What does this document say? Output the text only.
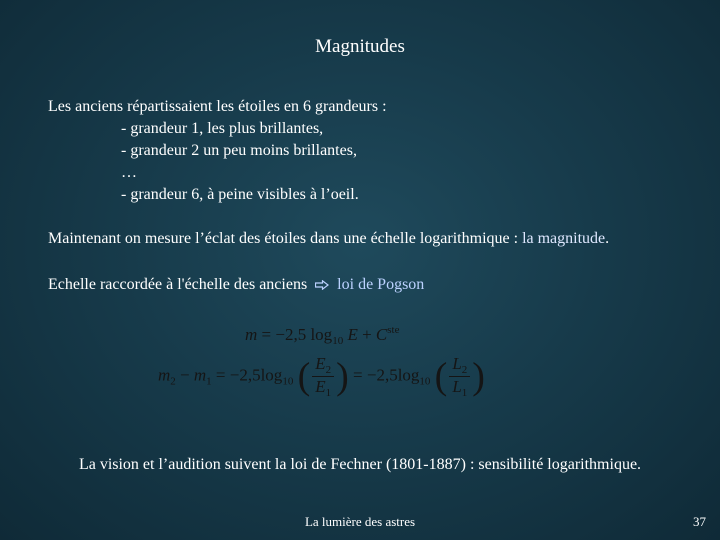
Magnitudes
Les anciens répartissaient les étoiles en 6 grandeurs :
- grandeur 1, les plus brillantes,
- grandeur 2 un peu moins brillantes,
…
- grandeur 6, à peine visibles à l’oeil.
Maintenant on mesure l’éclat des étoiles dans une échelle logarithmique : la magnitude.
Echelle raccordée à l'échelle des anciens loi de Pogson
m = −2,5 $\log_{10} E + Cste$
$m_2 - m_1 = -2,5\log_{10}$ ( $\frac{E_2}{E_1}$ ) = $-2,5\log_{10}$ ( $\frac{L_2}{L_1}$ )
La vision et l’audition suivent la loi de Fechner (1801-1887) : sensibilité logarithmique.
La lumière des astres	37
